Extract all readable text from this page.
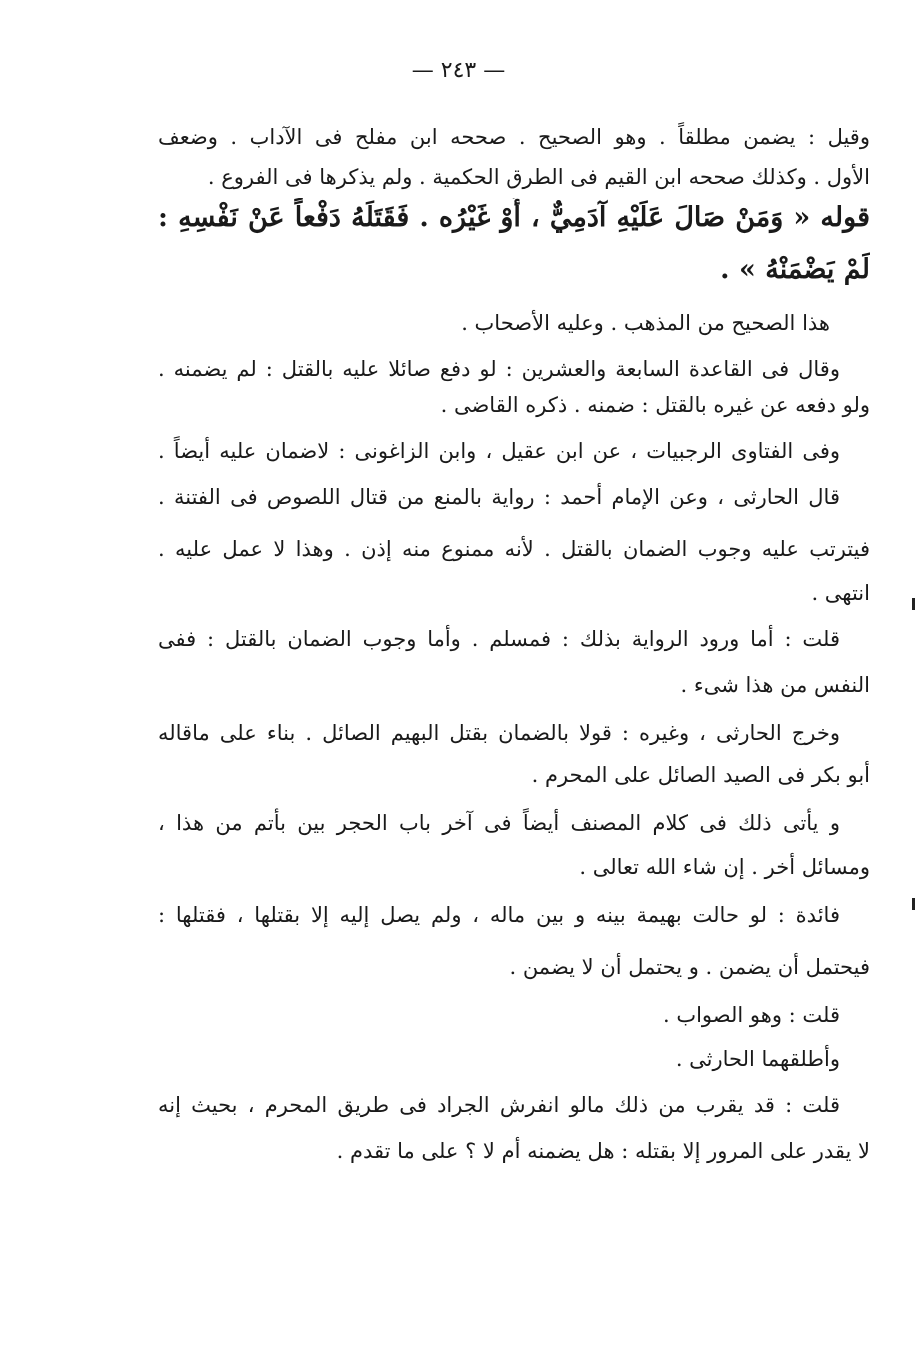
— ٢٤٣ —
وقيل : يضمن مطلقاً . وهو الصحيح . صححه ابن مفلح فى الآداب . وضعف
الأول . وكذلك صححه ابن القيم فى الطرق الحكمية . ولم يذكرها فى الفروع .
قوله « وَمَنْ صَالَ عَلَيْهِ آدَمِيٌّ ، أَوْ غَيْرُه . فَقَتَلَهُ دَفْعاً عَنْ نَفْسِهِ :
لَمْ يَضْمَنْهُ » .
هذا الصحيح من المذهب . وعليه الأصحاب .
وقال فى القاعدة السابعة والعشرين : لو دفع صائلا عليه بالقتل : لم يضمنه .
ولو دفعه عن غيره بالقتل : ضمنه . ذكره القاضى .
وفى الفتاوى الرجبيات ، عن ابن عقيل ، وابن الزاغونى : لاضمان عليه أيضاً .
قال الحارثى ، وعن الإمام أحمد : رواية بالمنع من قتال اللصوص فى الفتنة .
فيترتب عليه وجوب الضمان بالقتل . لأنه ممنوع منه إذن . وهذا لا عمل عليه .
انتهى .
قلت : أما ورود الرواية بذلك : فمسلم . وأما وجوب الضمان بالقتل : ففى
النفس من هذا شىء .
وخرج الحارثى ، وغيره : قولا بالضمان بقتل البهيم الصائل . بناء على ماقاله
أبو بكر فى الصيد الصائل على المحرم .
و يأتى ذلك فى كلام المصنف أيضاً فى آخر باب الحجر بين بأتم من هذا ،
ومسائل أخر . إن شاء الله تعالى .
فائدة : لو حالت بهيمة بينه و بين ماله ، ولم يصل إليه إلا بقتلها ، فقتلها :
فيحتمل أن يضمن . و يحتمل أن لا يضمن .
قلت : وهو الصواب .
وأطلقهما الحارثى .
قلت : قد يقرب من ذلك مالو انفرش الجراد فى طريق المحرم ، بحيث إنه
لا يقدر على المرور إلا بقتله : هل يضمنه أم لا ؟ على ما تقدم .
